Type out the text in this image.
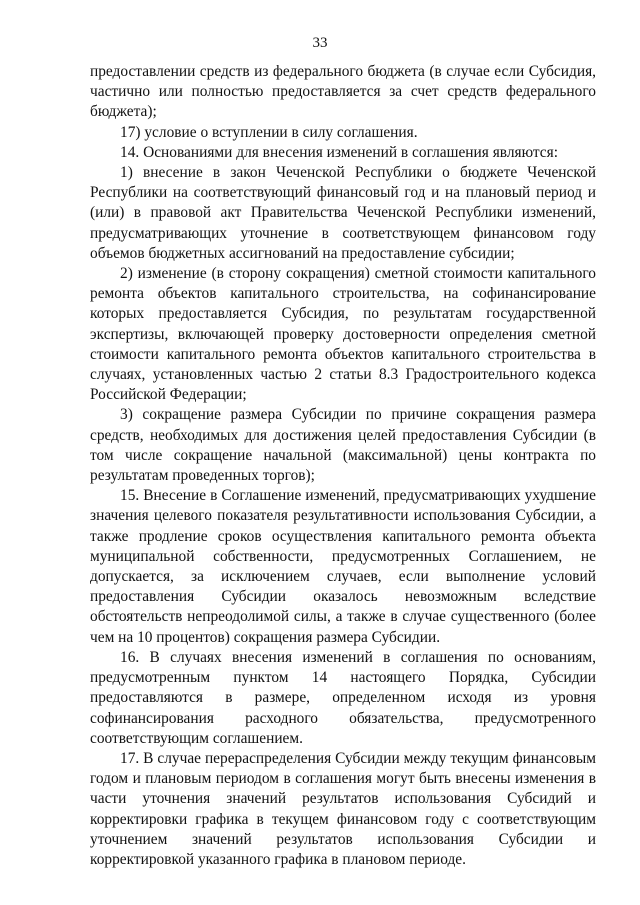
33

предоставлении средств из федерального бюджета (в случае если Субсидия, частично или полностью предоставляется за счет средств федерального бюджета);

17) условие о вступлении в силу соглашения.

14. Основаниями для внесения изменений в соглашения являются:

1) внесение в закон Чеченской Республики о бюджете Чеченской Республики на соответствующий финансовый год и на плановый период и (или) в правовой акт Правительства Чеченской Республики изменений, предусматривающих уточнение в соответствующем финансовом году объемов бюджетных ассигнований на предоставление субсидии;

2) изменение (в сторону сокращения) сметной стоимости капитального ремонта объектов капитального строительства, на софинансирование которых предоставляется Субсидия, по результатам государственной экспертизы, включающей проверку достоверности определения сметной стоимости капитального ремонта объектов капитального строительства в случаях, установленных частью 2 статьи 8.3 Градостроительного кодекса Российской Федерации;

3) сокращение размера Субсидии по причине сокращения размера средств, необходимых для достижения целей предоставления Субсидии (в том числе сокращение начальной (максимальной) цены контракта по результатам проведенных торгов);

15. Внесение в Соглашение изменений, предусматривающих ухудшение значения целевого показателя результативности использования Субсидии, а также продление сроков осуществления капитального ремонта объекта муниципальной собственности, предусмотренных Соглашением, не допускается, за исключением случаев, если выполнение условий предоставления Субсидии оказалось невозможным вследствие обстоятельств непреодолимой силы, а также в случае существенного (более чем на 10 процентов) сокращения размера Субсидии.

16. В случаях внесения изменений в соглашения по основаниям, предусмотренным пунктом 14 настоящего Порядка, Субсидии предоставляются в размере, определенном исходя из уровня софинансирования расходного обязательства, предусмотренного соответствующим соглашением.

17. В случае перераспределения Субсидии между текущим финансовым годом и плановым периодом в соглашения могут быть внесены изменения в части уточнения значений результатов использования Субсидий и корректировки графика в текущем финансовом году с соответствующим уточнением значений результатов использования Субсидии и корректировкой указанного графика в плановом периоде.
